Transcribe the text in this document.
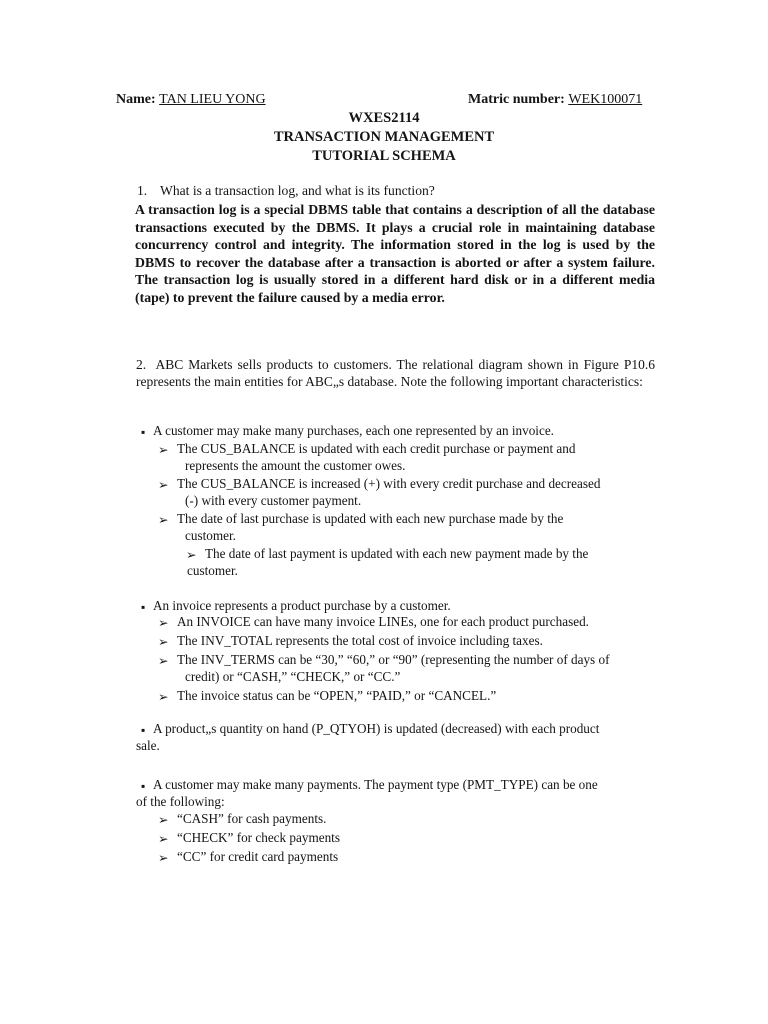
Name: TAN LIEU YONG	Matric number: WEK100071
WXES2114
TRANSACTION MANAGEMENT
TUTORIAL SCHEMA
1. What is a transaction log, and what is its function?
A transaction log is a special DBMS table that contains a description of all the database transactions executed by the DBMS. It plays a crucial role in maintaining database concurrency control and integrity. The information stored in the log is used by the DBMS to recover the database after a transaction is aborted or after a system failure. The transaction log is usually stored in a different hard disk or in a different media (tape) to prevent the failure caused by a media error.
2. ABC Markets sells products to customers. The relational diagram shown in Figure P10.6 represents the main entities for ABC„s database. Note the following important characteristics:
▪ A customer may make many purchases, each one represented by an invoice.
➢ The CUS_BALANCE is updated with each credit purchase or payment and
represents the amount the customer owes.
➢ The CUS_BALANCE is increased (+) with every credit purchase and decreased
(-) with every customer payment.
➢ The date of last purchase is updated with each new purchase made by the
customer.
➢ The date of last payment is updated with each new payment made by the
customer.
▪ An invoice represents a product purchase by a customer.
➢ An INVOICE can have many invoice LINEs, one for each product purchased.
➢ The INV_TOTAL represents the total cost of invoice including taxes.
➢ The INV_TERMS can be “30,” “60,” or “90” (representing the number of days of
credit) or “CASH,” “CHECK,” or “CC.”
➢ The invoice status can be “OPEN,” “PAID,” or “CANCEL.”
▪ A product„s quantity on hand (P_QTYOH) is updated (decreased) with each product
sale.
▪ A customer may make many payments. The payment type (PMT_TYPE) can be one
of the following:
➢ “CASH” for cash payments.
➢ “CHECK” for check payments
➢ “CC” for credit card payments
